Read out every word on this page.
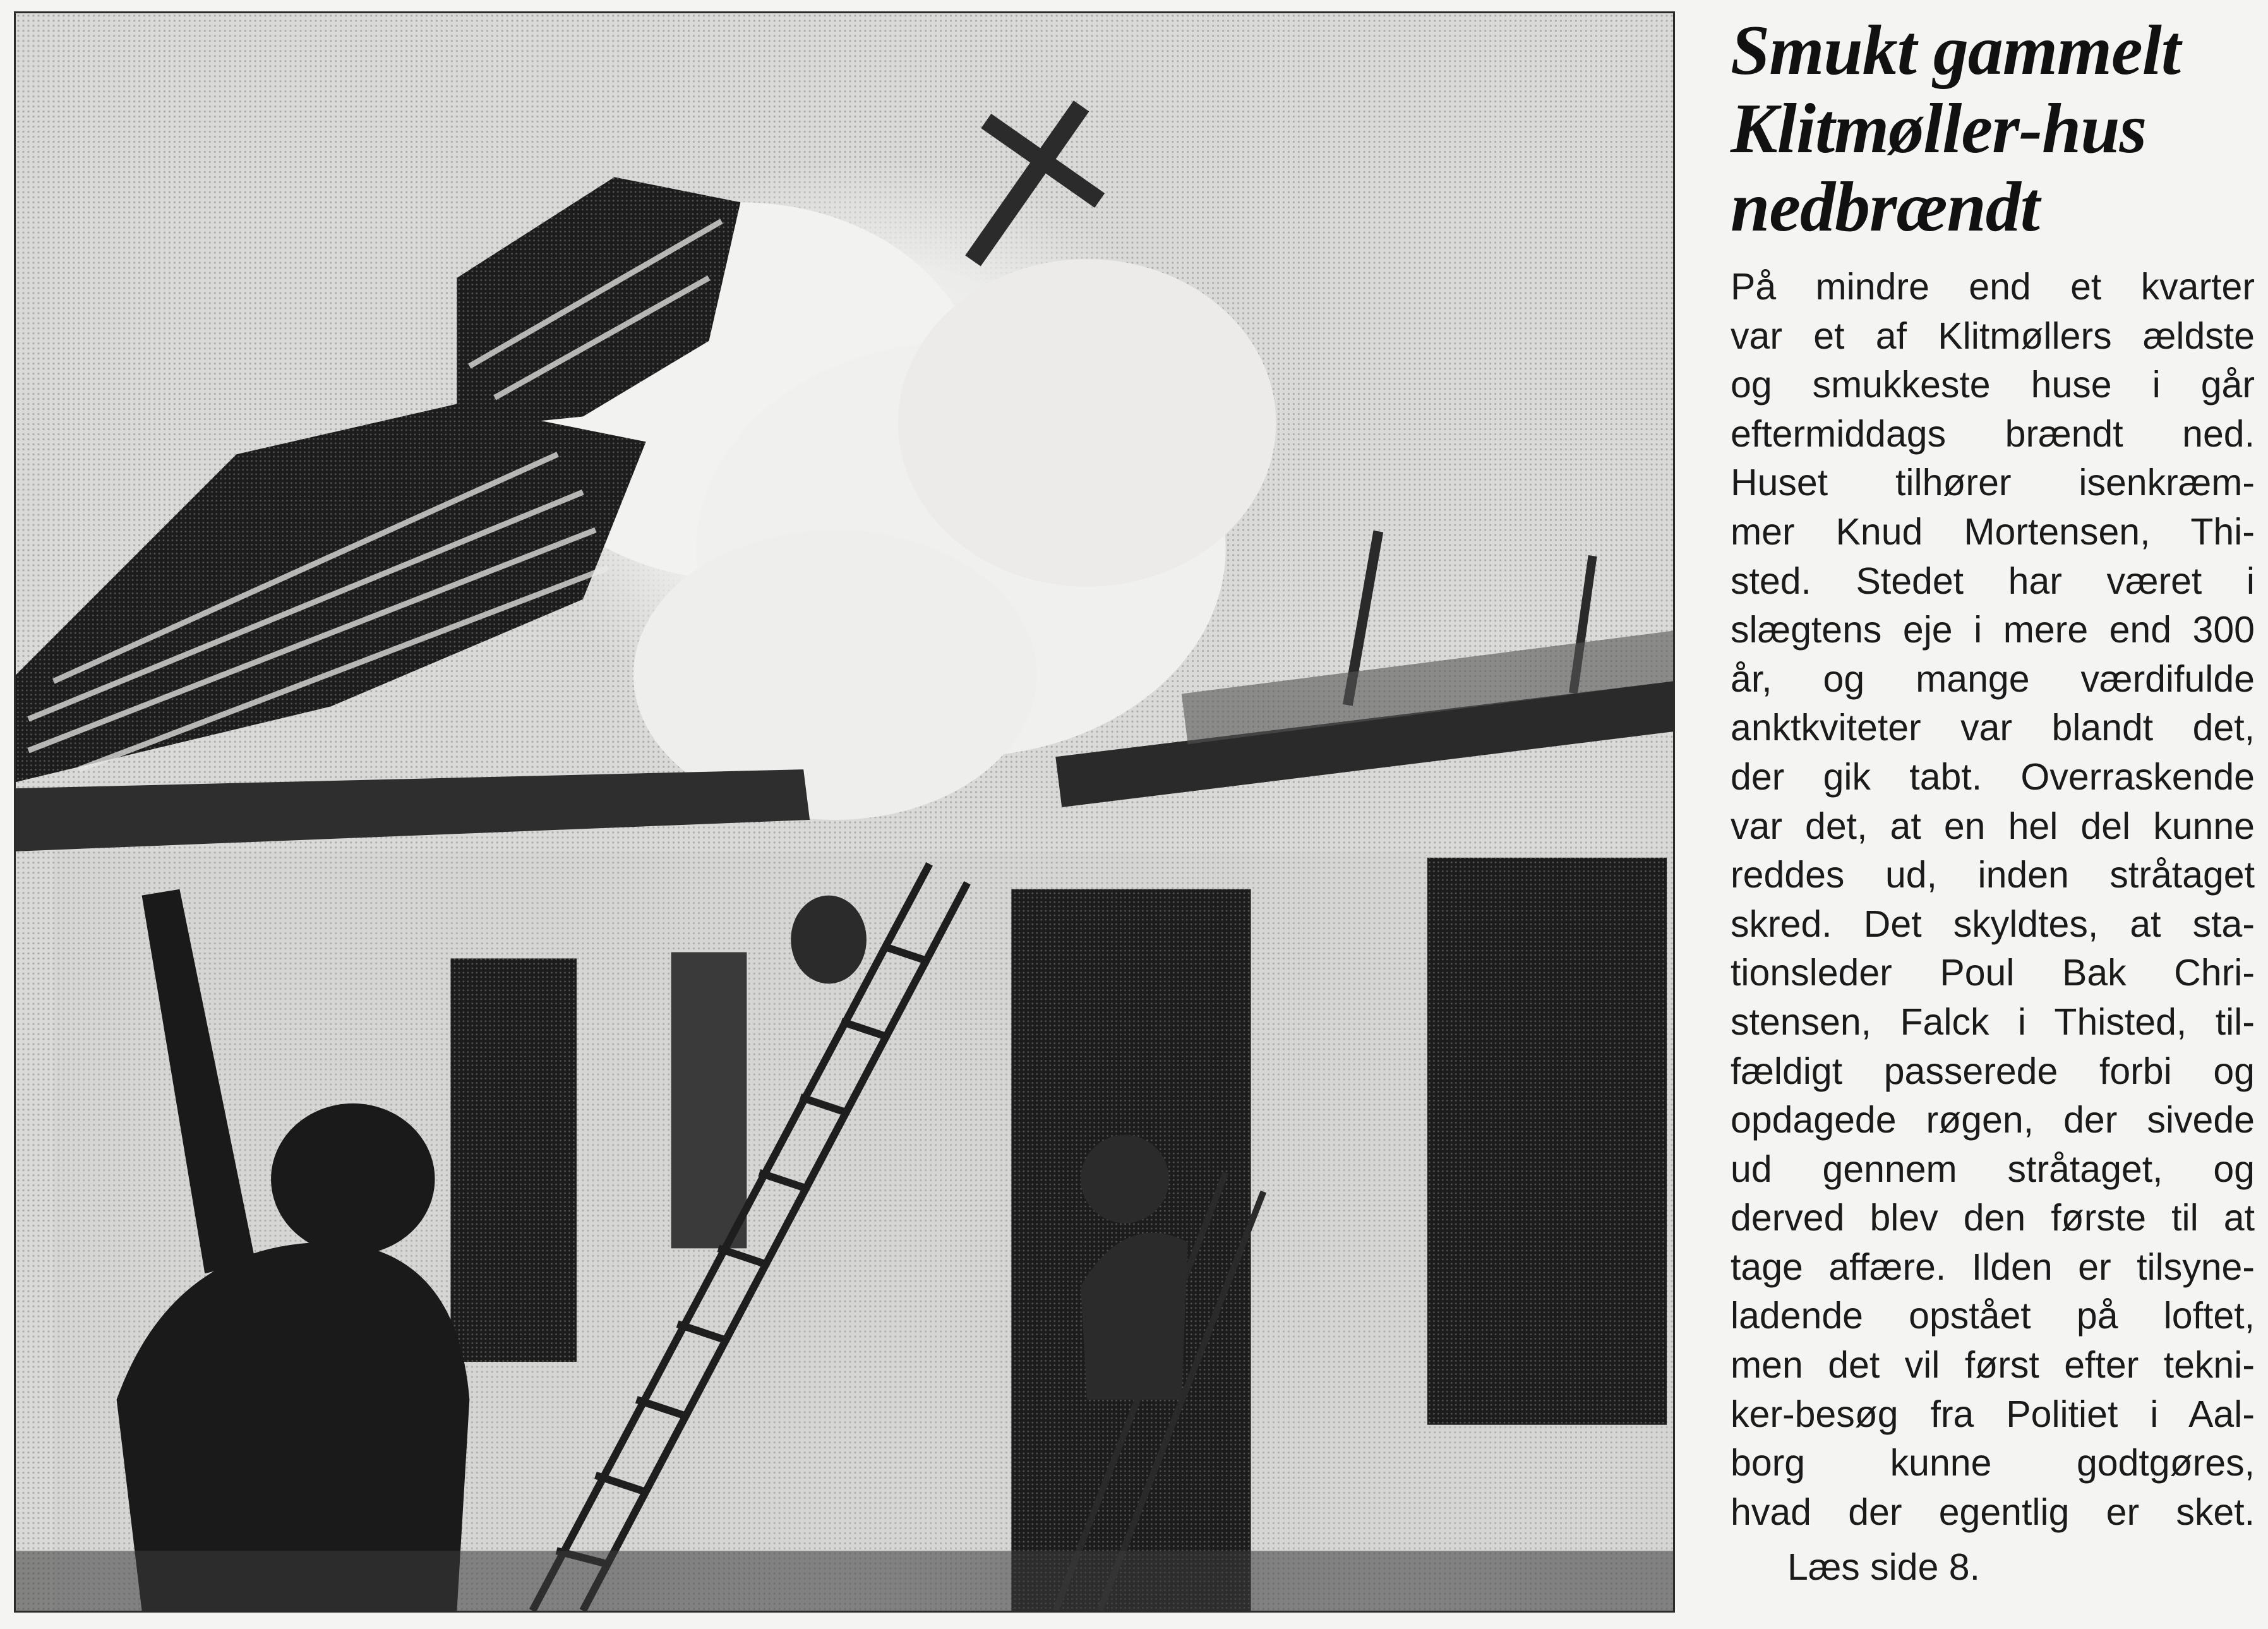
Smukt gammelt
Klitmøller-hus
nedbrændt
På mindre end et kvarter
var et af Klitmøllers ældste
og smukkeste huse i går
eftermiddags brændt ned.
Huset tilhører isenkræm-
mer Knud Mortensen, Thi-
sted. Stedet har været i
slægtens eje i mere end 300
år, og mange værdifulde
anktkviteter var blandt det,
der gik tabt. Overraskende
var det, at en hel del kunne
reddes ud, inden stråtaget
skred. Det skyldtes, at sta-
tionsleder Poul Bak Chri-
stensen, Falck i Thisted, til-
fældigt passerede forbi og
opdagede røgen, der sivede
ud gennem stråtaget, og
derved blev den første til at
tage affære. Ilden er tilsyne-
ladende opstået på loftet,
men det vil først efter tekni-
ker-besøg fra Politiet i Aal-
borg kunne godtgøres,
hvad der egentlig er sket.
Læs side 8.
